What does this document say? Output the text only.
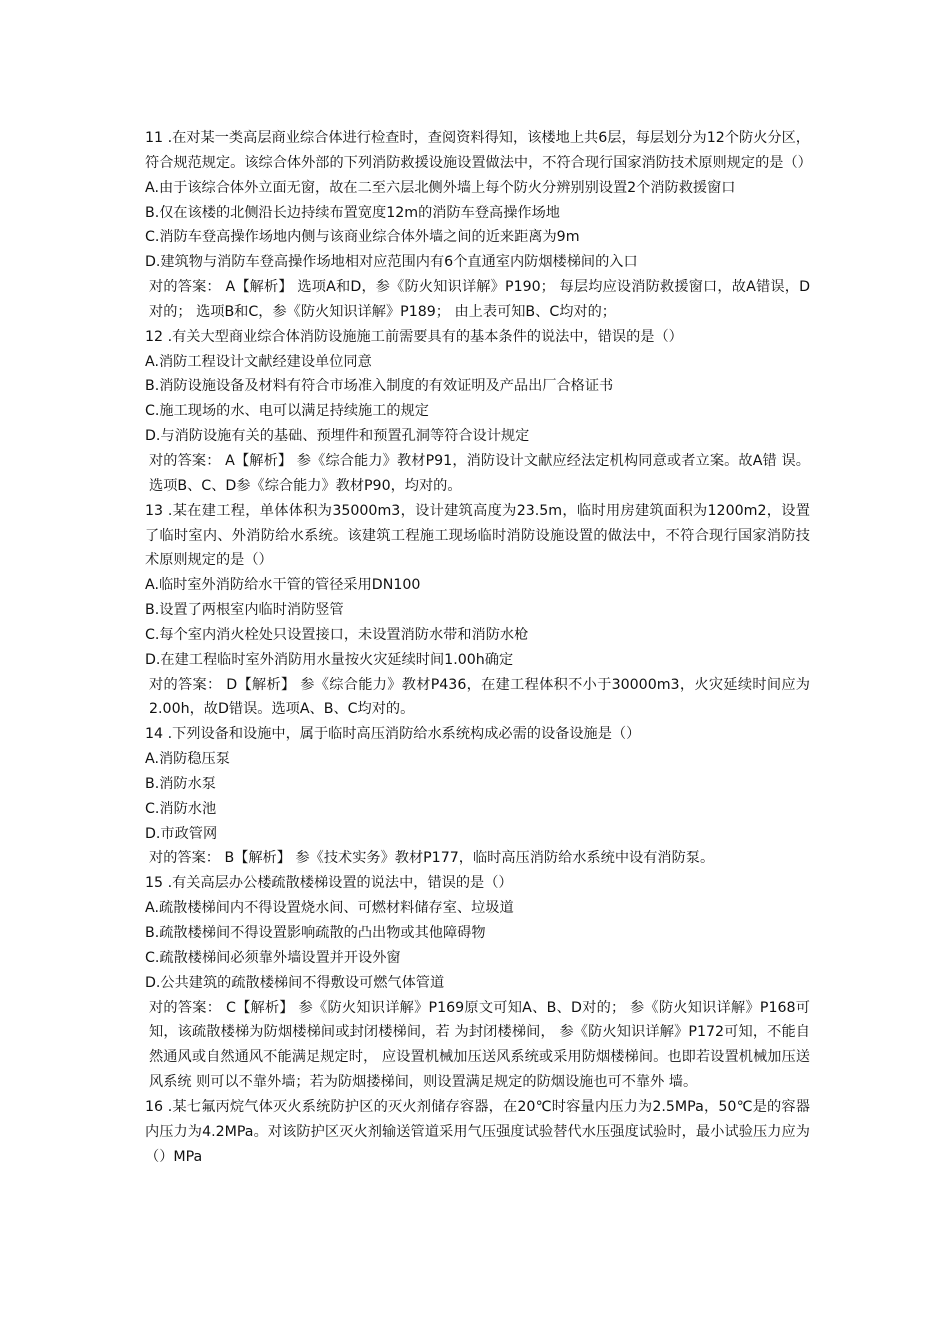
11 .在对某一类高层商业综合体进行检查时，查阅资料得知，该楼地上共6层，每层划分为12个防火分区，符合规范规定。该综合体外部的下列消防救援设施设置做法中，不符合现行国家消防技术原则规定的是（）
A.由于该综合体外立面无窗，故在二至六层北侧外墙上每个防火分辨别别设置2个消防救援窗口
B.仅在该楼的北侧沿长边持续布置宽度12m的消防车登高操作场地
C.消防车登高操作场地内侧与该商业综合体外墙之间的近来距离为9m
D.建筑物与消防车登高操作场地相对应范围内有6个直通室内防烟楼梯间的入口
对的答案： A【解析】 选项A和D，参《防火知识详解》P190； 每层均应设消防救援窗口，故A错误，D对的； 选项B和C，参《防火知识详解》P189； 由上表可知B、C均对的；
12 .有关大型商业综合体消防设施施工前需要具有的基本条件的说法中，错误的是（）
A.消防工程设计文献经建设单位同意
B.消防设施设备及材料有符合市场准入制度的有效证明及产品出厂合格证书
C.施工现场的水、电可以满足持续施工的规定
D.与消防设施有关的基础、预埋件和预置孔洞等符合设计规定
对的答案： A【解析】 参《综合能力》教材P91，消防设计文献应经法定机构同意或者立案。故A错 误。 选项B、C、D参《综合能力》教材P90，均对的。
13 .某在建工程，单体体积为35000m3，设计建筑高度为23.5m，临时用房建筑面积为1200m2，设置了临时室内、外消防给水系统。该建筑工程施工现场临时消防设施设置的做法中，不符合现行国家消防技术原则规定的是（）
A.临时室外消防给水干管的管径采用DN100
B.设置了两根室内临时消防竖管
C.每个室内消火栓处只设置接口，未设置消防水带和消防水枪
D.在建工程临时室外消防用水量按火灾延续时间1.00h确定
对的答案： D【解析】 参《综合能力》教材P436，在建工程体积不小于30000m3，火灾延续时间应为2.00h，故D错误。选项A、B、C均对的。
14 .下列设备和设施中，属于临时高压消防给水系统构成必需的设备设施是（）
A.消防稳压泵
B.消防水泵
C.消防水池
D.市政管网
对的答案： B【解析】 参《技术实务》教材P177，临时高压消防给水系统中设有消防泵。
15 .有关高层办公楼疏散楼梯设置的说法中，错误的是（）
A.疏散楼梯间内不得设置烧水间、可燃材料储存室、垃圾道
B.疏散楼梯间不得设置影响疏散的凸出物或其他障碍物
C.疏散楼梯间必须靠外墙设置并开设外窗
D.公共建筑的疏散楼梯间不得敷设可燃气体管道
对的答案： C【解析】 参《防火知识详解》P169原文可知A、B、D对的； 参《防火知识详解》P168可知，该疏散楼梯为防烟楼梯间或封闭楼梯间，若 为封闭楼梯间， 参《防火知识详解》P172可知，不能自然通风或自然通风不能满足规定时， 应设置机械加压送风系统或采用防烟楼梯间。也即若设置机械加压送风系统 则可以不靠外墙；若为防烟搂梯间，则设置满足规定的防烟设施也可不靠外 墙。
16 .某七氟丙烷气体灭火系统防护区的灭火剂储存容器，在20℃时容量内压力为2.5MPa，50℃是的容器内压力为4.2MPa。对该防护区灭火剂输送管道采用气压强度试验替代水压强度试验时，最小试验压力应为（）MPa
